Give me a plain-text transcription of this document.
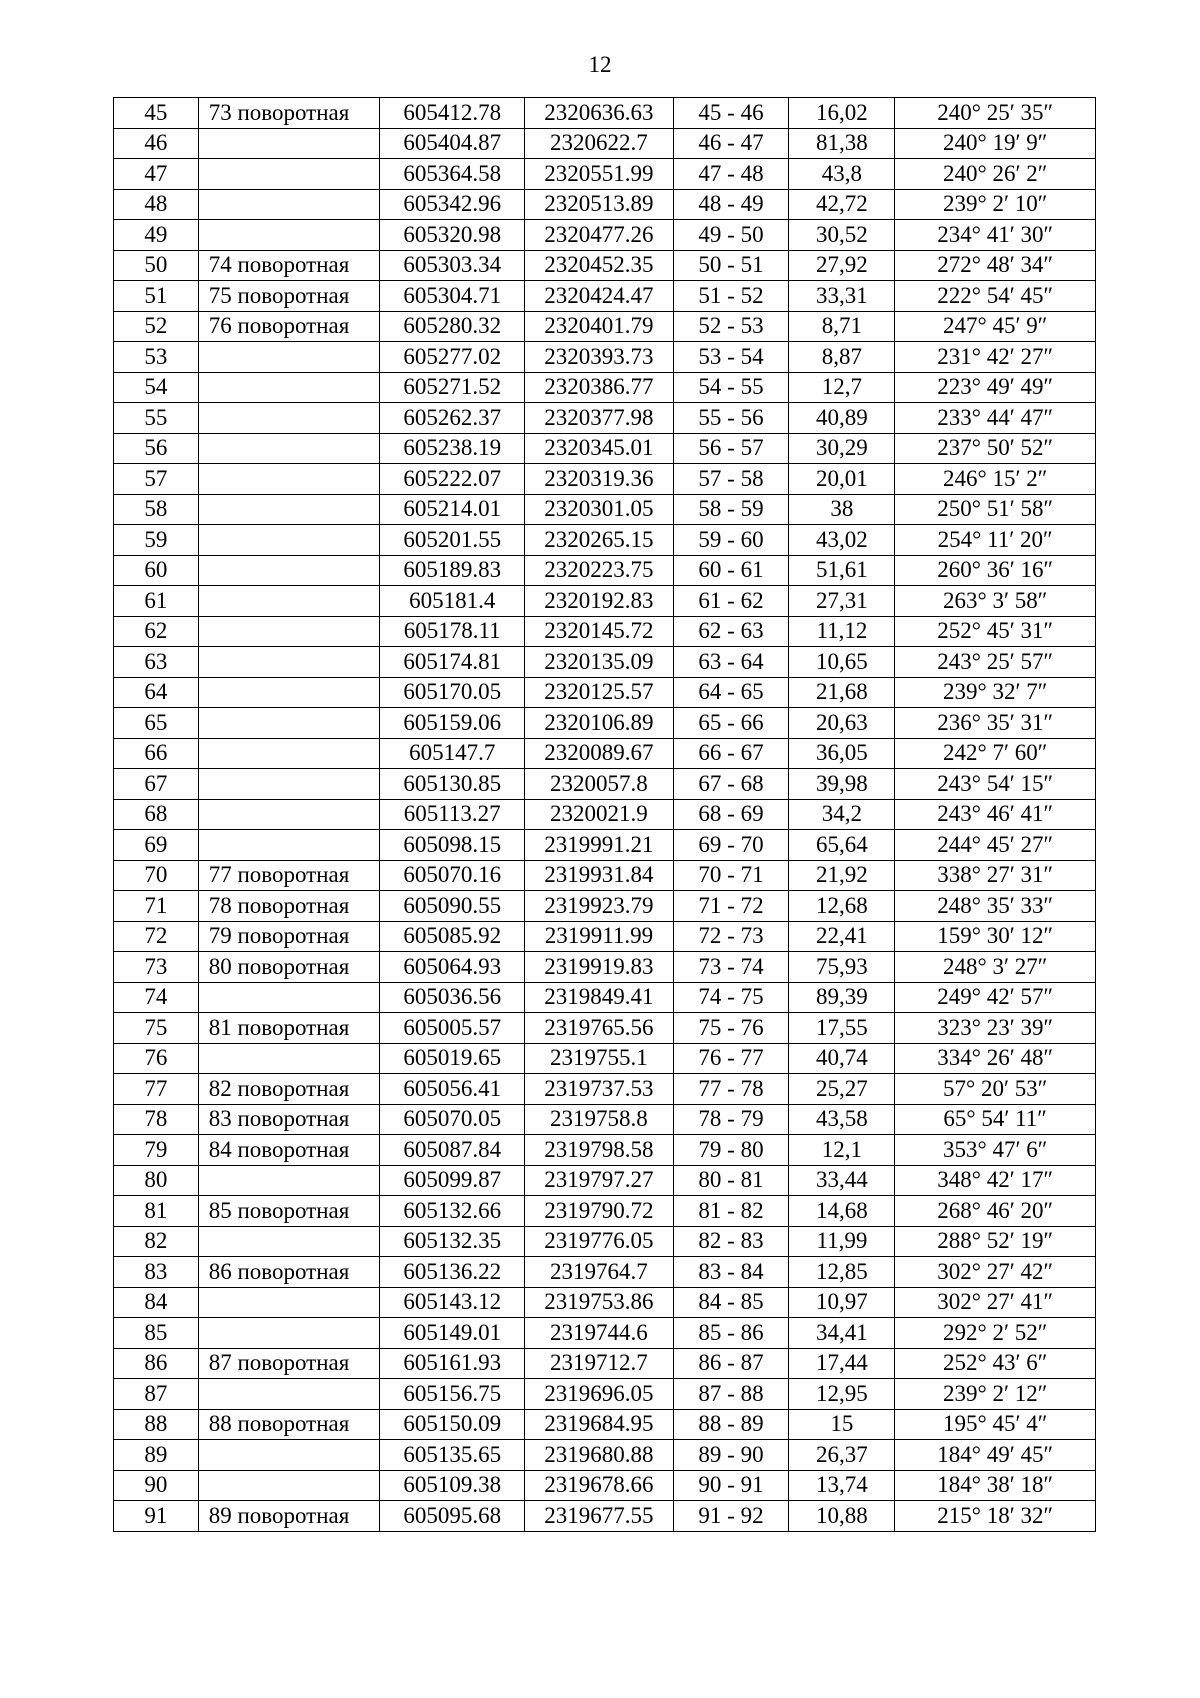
12
45	73 поворотная	605412.78	2320636.63	45 - 46	16,02	240° 25′ 35″
46		605404.87	2320622.7	46 - 47	81,38	240° 19′ 9″
47		605364.58	2320551.99	47 - 48	43,8	240° 26′ 2″
48		605342.96	2320513.89	48 - 49	42,72	239° 2′ 10″
49		605320.98	2320477.26	49 - 50	30,52	234° 41′ 30″
50	74 поворотная	605303.34	2320452.35	50 - 51	27,92	272° 48′ 34″
51	75 поворотная	605304.71	2320424.47	51 - 52	33,31	222° 54′ 45″
52	76 поворотная	605280.32	2320401.79	52 - 53	8,71	247° 45′ 9″
53		605277.02	2320393.73	53 - 54	8,87	231° 42′ 27″
54		605271.52	2320386.77	54 - 55	12,7	223° 49′ 49″
55		605262.37	2320377.98	55 - 56	40,89	233° 44′ 47″
56		605238.19	2320345.01	56 - 57	30,29	237° 50′ 52″
57		605222.07	2320319.36	57 - 58	20,01	246° 15′ 2″
58		605214.01	2320301.05	58 - 59	38	250° 51′ 58″
59		605201.55	2320265.15	59 - 60	43,02	254° 11′ 20″
60		605189.83	2320223.75	60 - 61	51,61	260° 36′ 16″
61		605181.4	2320192.83	61 - 62	27,31	263° 3′ 58″
62		605178.11	2320145.72	62 - 63	11,12	252° 45′ 31″
63		605174.81	2320135.09	63 - 64	10,65	243° 25′ 57″
64		605170.05	2320125.57	64 - 65	21,68	239° 32′ 7″
65		605159.06	2320106.89	65 - 66	20,63	236° 35′ 31″
66		605147.7	2320089.67	66 - 67	36,05	242° 7′ 60″
67		605130.85	2320057.8	67 - 68	39,98	243° 54′ 15″
68		605113.27	2320021.9	68 - 69	34,2	243° 46′ 41″
69		605098.15	2319991.21	69 - 70	65,64	244° 45′ 27″
70	77 поворотная	605070.16	2319931.84	70 - 71	21,92	338° 27′ 31″
71	78 поворотная	605090.55	2319923.79	71 - 72	12,68	248° 35′ 33″
72	79 поворотная	605085.92	2319911.99	72 - 73	22,41	159° 30′ 12″
73	80 поворотная	605064.93	2319919.83	73 - 74	75,93	248° 3′ 27″
74		605036.56	2319849.41	74 - 75	89,39	249° 42′ 57″
75	81 поворотная	605005.57	2319765.56	75 - 76	17,55	323° 23′ 39″
76		605019.65	2319755.1	76 - 77	40,74	334° 26′ 48″
77	82 поворотная	605056.41	2319737.53	77 - 78	25,27	57° 20′ 53″
78	83 поворотная	605070.05	2319758.8	78 - 79	43,58	65° 54′ 11″
79	84 поворотная	605087.84	2319798.58	79 - 80	12,1	353° 47′ 6″
80		605099.87	2319797.27	80 - 81	33,44	348° 42′ 17″
81	85 поворотная	605132.66	2319790.72	81 - 82	14,68	268° 46′ 20″
82		605132.35	2319776.05	82 - 83	11,99	288° 52′ 19″
83	86 поворотная	605136.22	2319764.7	83 - 84	12,85	302° 27′ 42″
84		605143.12	2319753.86	84 - 85	10,97	302° 27′ 41″
85		605149.01	2319744.6	85 - 86	34,41	292° 2′ 52″
86	87 поворотная	605161.93	2319712.7	86 - 87	17,44	252° 43′ 6″
87		605156.75	2319696.05	87 - 88	12,95	239° 2′ 12″
88	88 поворотная	605150.09	2319684.95	88 - 89	15	195° 45′ 4″
89		605135.65	2319680.88	89 - 90	26,37	184° 49′ 45″
90		605109.38	2319678.66	90 - 91	13,74	184° 38′ 18″
91	89 поворотная	605095.68	2319677.55	91 - 92	10,88	215° 18′ 32″
